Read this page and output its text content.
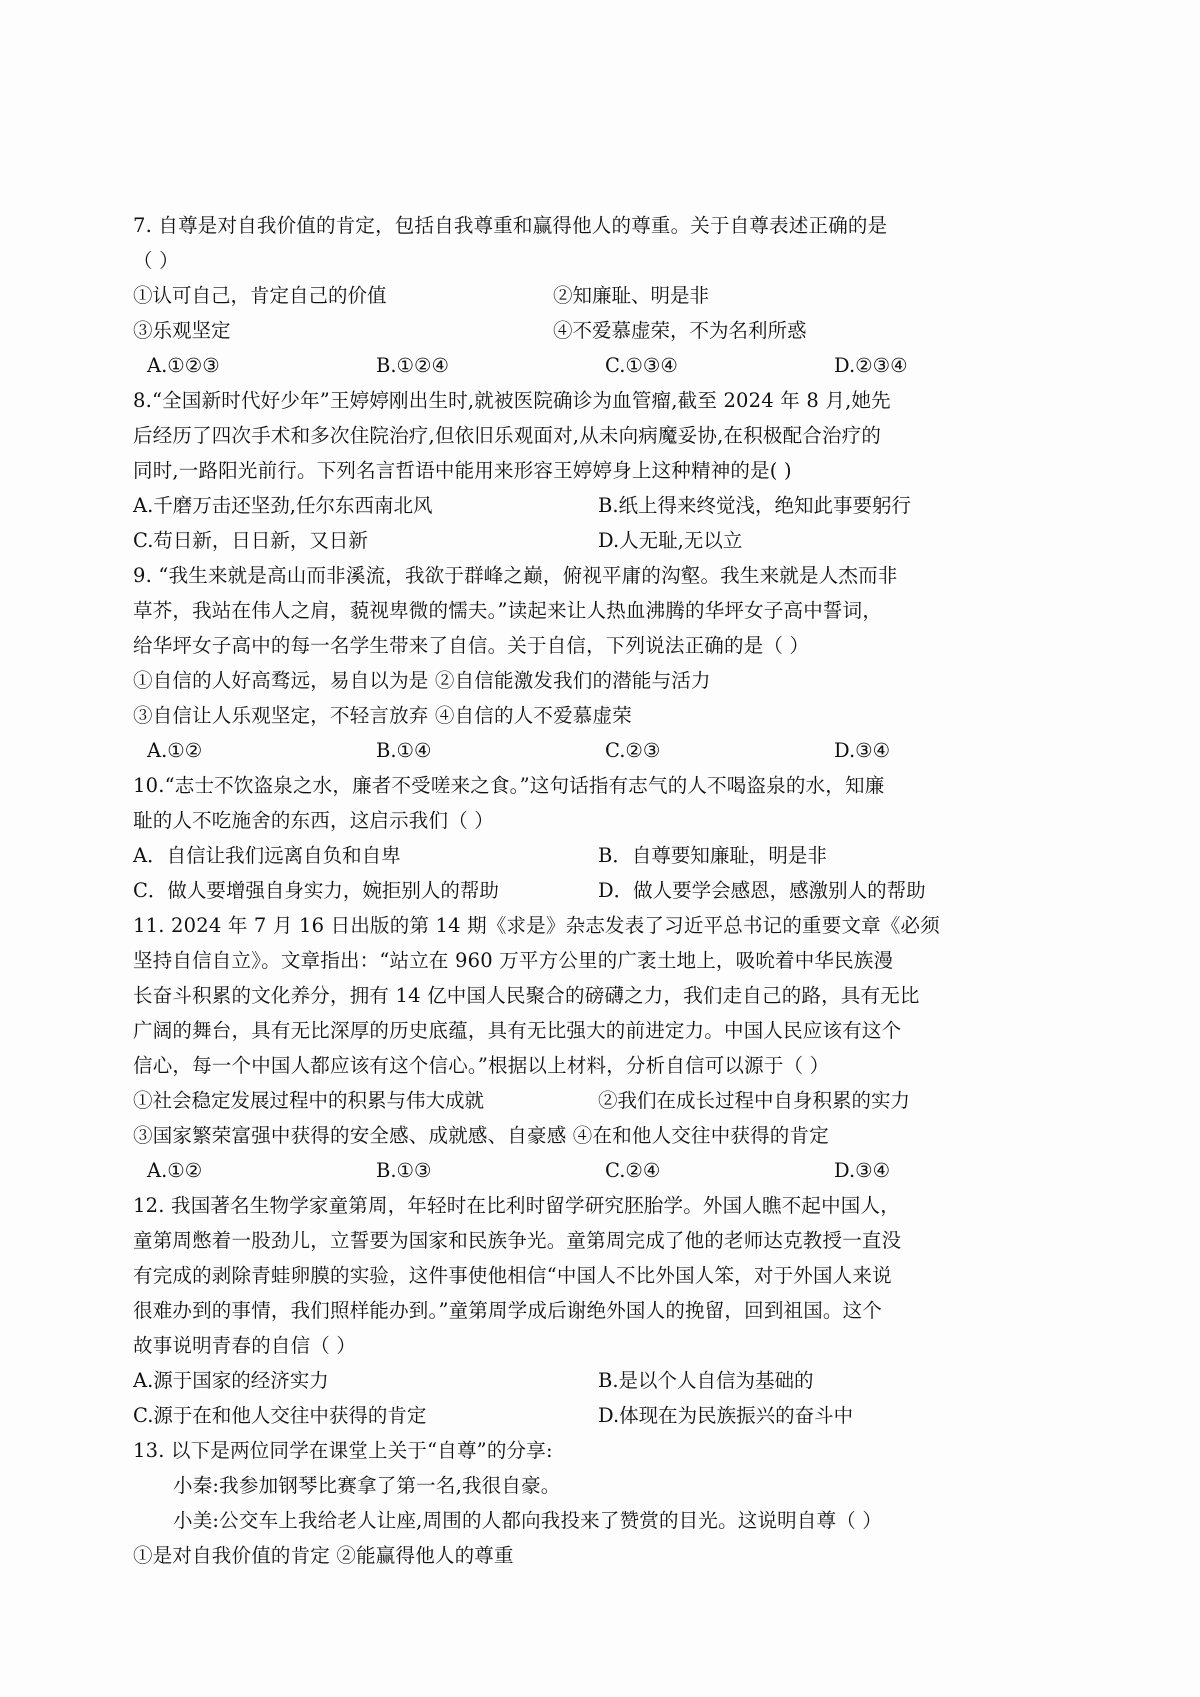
7. 自尊是对自我价值的肯定，包括自我尊重和赢得他人的尊重。关于自尊表述正确的是
（ ）
①认可自己，肯定自己的价值	②知廉耻、明是非
③乐观坚定	④不爱慕虚荣，不为名利所惑
A.①②③	B.①②④	C.①③④	D.②③④
8.“全国新时代好少年”王婷婷刚出生时,就被医院确诊为血管瘤,截至 2024 年 8 月,她先
后经历了四次手术和多次住院治疗,但依旧乐观面对,从未向病魔妥协,在积极配合治疗的
同时,一路阳光前行。下列名言哲语中能用来形容王婷婷身上这种精神的是( )
A.千磨万击还坚劲,任尔东西南北风	B.纸上得来终觉浅，绝知此事要躬行
C.苟日新，日日新，又日新	D.人无耻,无以立
9. “我生来就是高山而非溪流，我欲于群峰之巅，俯视平庸的沟壑。我生来就是人杰而非
草芥，我站在伟人之肩，藐视卑微的懦夫。”读起来让人热血沸腾的华坪女子高中誓词，
给华坪女子高中的每一名学生带来了自信。关于自信，下列说法正确的是（ ）
①自信的人好高骛远，易自以为是 ②自信能激发我们的潜能与活力
③自信让人乐观坚定，不轻言放弃 ④自信的人不爱慕虚荣
A.①②	B.①④	C.②③	D.③④
10.“志士不饮盗泉之水，廉者不受嗟来之食。”这句话指有志气的人不喝盗泉的水，知廉
耻的人不吃施舍的东西，这启示我们（ ）
A．自信让我们远离自负和自卑	B．自尊要知廉耻，明是非
C．做人要增强自身实力，婉拒别人的帮助	D．做人要学会感恩，感激别人的帮助
11. 2024 年 7 月 16 日出版的第 14 期《求是》杂志发表了习近平总书记的重要文章《必须
坚持自信自立》。文章指出：“站立在 960 万平方公里的广袤土地上，吸吮着中华民族漫
长奋斗积累的文化养分，拥有 14 亿中国人民聚合的磅礴之力，我们走自己的路，具有无比
广阔的舞台，具有无比深厚的历史底蕴，具有无比强大的前进定力。中国人民应该有这个
信心，每一个中国人都应该有这个信心。”根据以上材料，分析自信可以源于（ ）
①社会稳定发展过程中的积累与伟大成就	②我们在成长过程中自身积累的实力
③国家繁荣富强中获得的安全感、成就感、自豪感 ④在和他人交往中获得的肯定
A.①②	B.①③	C.②④	D.③④
12. 我国著名生物学家童第周，年轻时在比利时留学研究胚胎学。外国人瞧不起中国人，
童第周憋着一股劲儿，立誓要为国家和民族争光。童第周完成了他的老师达克教授一直没
有完成的剥除青蛙卵膜的实验，这件事使他相信“中国人不比外国人笨，对于外国人来说
很难办到的事情，我们照样能办到。”童第周学成后谢绝外国人的挽留，回到祖国。这个
故事说明青春的自信（ ）
A.源于国家的经济实力	B.是以个人自信为基础的
C.源于在和他人交往中获得的肯定	D.体现在为民族振兴的奋斗中
13. 以下是两位同学在课堂上关于“自尊”的分享:
小秦:我参加钢琴比赛拿了第一名,我很自豪。
小美:公交车上我给老人让座,周围的人都向我投来了赞赏的目光。这说明自尊（ ）
①是对自我价值的肯定 ②能赢得他人的尊重
